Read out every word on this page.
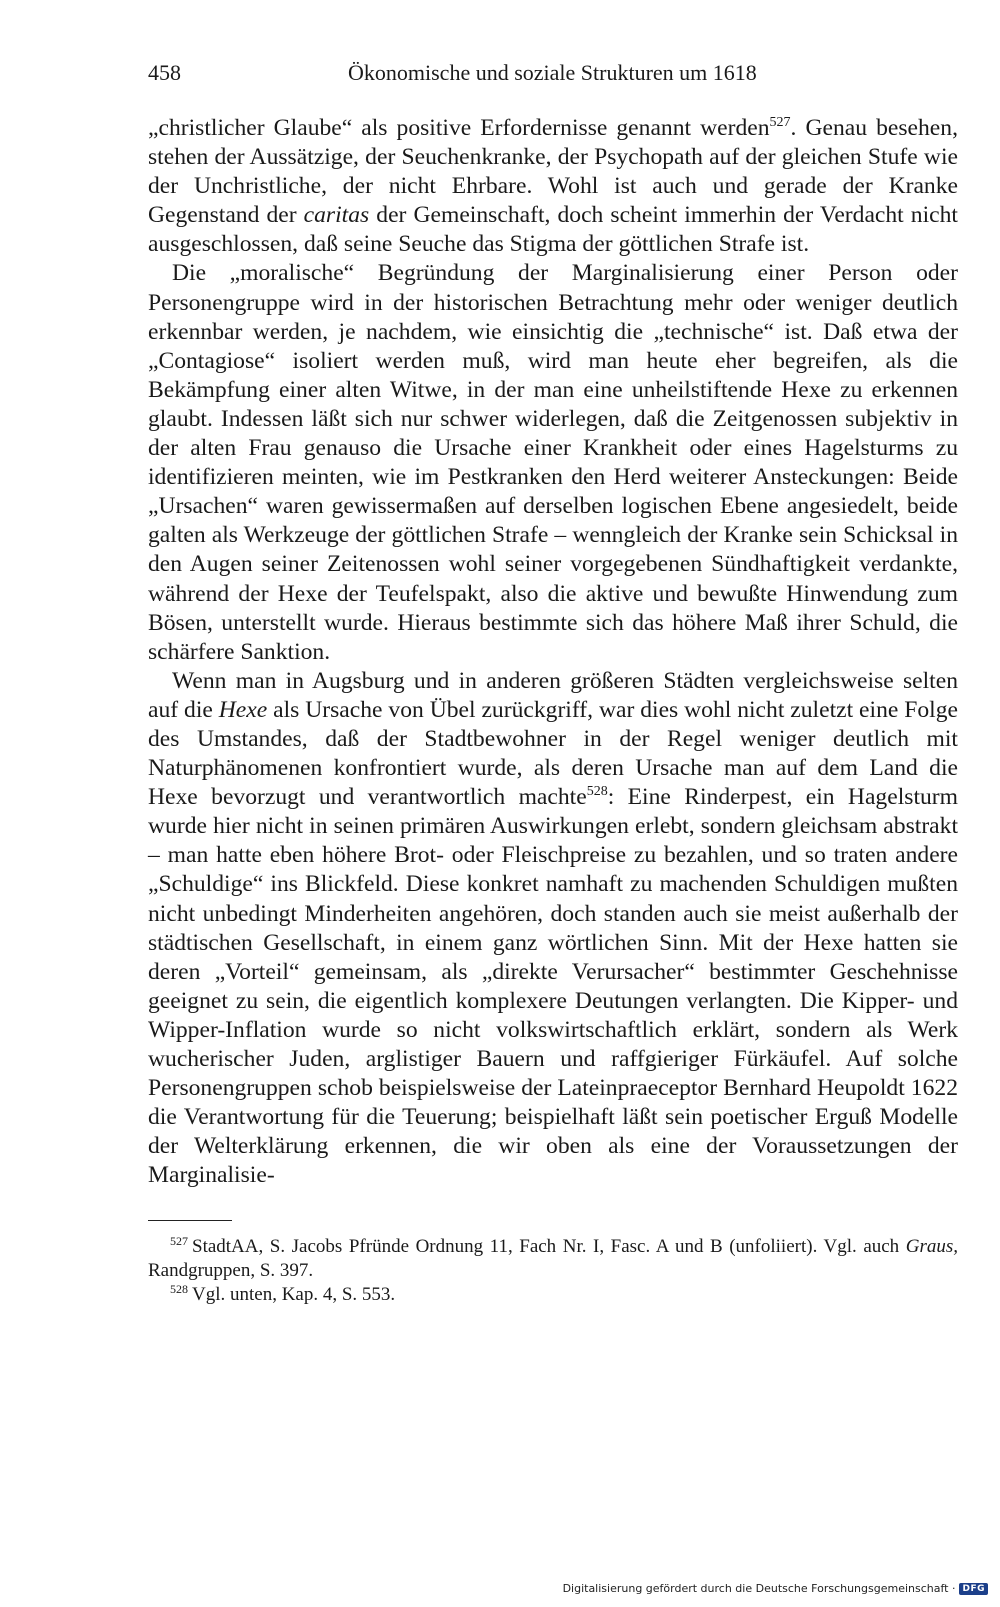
458	Ökonomische und soziale Strukturen um 1618

„christlicher Glaube“ als positive Erfordernisse genannt werden$^{527}$. Genau besehen, stehen der Aussätzige, der Seuchenkranke, der Psychopath auf der gleichen Stufe wie der Unchristliche, der nicht Ehrbare. Wohl ist auch und gerade der Kranke Gegenstand der caritas der Gemeinschaft, doch scheint immerhin der Verdacht nicht ausgeschlossen, daß seine Seuche das Stigma der göttlichen Strafe ist.

Die „moralische“ Begründung der Marginalisierung einer Person oder Personengruppe wird in der historischen Betrachtung mehr oder weniger deutlich erkennbar werden, je nachdem, wie einsichtig die „technische“ ist. Daß etwa der „Contagiose“ isoliert werden muß, wird man heute eher begreifen, als die Bekämpfung einer alten Witwe, in der man eine unheilstiftende Hexe zu erkennen glaubt. Indessen läßt sich nur schwer widerlegen, daß die Zeitgenossen subjektiv in der alten Frau genauso die Ursache einer Krankheit oder eines Hagelsturms zu identifizieren meinten, wie im Pestkranken den Herd weiterer Ansteckungen: Beide „Ursachen“ waren gewissermaßen auf derselben logischen Ebene angesiedelt, beide galten als Werkzeuge der göttlichen Strafe – wenngleich der Kranke sein Schicksal in den Augen seiner Zeitenossen wohl seiner vorgegebenen Sündhaftigkeit verdankte, während der Hexe der Teufelspakt, also die aktive und bewußte Hinwendung zum Bösen, unterstellt wurde. Hieraus bestimmte sich das höhere Maß ihrer Schuld, die schärfere Sanktion.

Wenn man in Augsburg und in anderen größeren Städten vergleichsweise selten auf die Hexe als Ursache von Übel zurückgriff, war dies wohl nicht zuletzt eine Folge des Umstandes, daß der Stadtbewohner in der Regel weniger deutlich mit Naturphänomenen konfrontiert wurde, als deren Ursache man auf dem Land die Hexe bevorzugt und verantwortlich machte$^{528}$: Eine Rinderpest, ein Hagelsturm wurde hier nicht in seinen primären Auswirkungen erlebt, sondern gleichsam abstrakt – man hatte eben höhere Brot- oder Fleischpreise zu bezahlen, und so traten andere „Schuldige“ ins Blickfeld. Diese konkret namhaft zu machenden Schuldigen mußten nicht unbedingt Minderheiten angehören, doch standen auch sie meist außerhalb der städtischen Gesellschaft, in einem ganz wörtlichen Sinn. Mit der Hexe hatten sie deren „Vorteil“ gemeinsam, als „direkte Verursacher“ bestimmter Geschehnisse geeignet zu sein, die eigentlich komplexere Deutungen verlangten. Die Kipper- und Wipper-Inflation wurde so nicht volkswirtschaftlich erklärt, sondern als Werk wucherischer Juden, arglistiger Bauern und raffgieriger Fürkäufel. Auf solche Personengruppen schob beispielsweise der Lateinpraeceptor Bernhard Heupoldt 1622 die Verantwortung für die Teuerung; beispielhaft läßt sein poetischer Erguß Modelle der Welterklärung erkennen, die wir oben als eine der Voraussetzungen der Marginalisie-

$^{527}$ StadtAA, S. Jacobs Pfründe Ordnung 11, Fach Nr. I, Fasc. A und B (unfoliiert). Vgl. auch Graus, Randgruppen, S. 397.

$^{528}$ Vgl. unten, Kap. 4, S. 553.

Digitalisierung gefördert durch die Deutsche Forschungsgemeinschaft · DFG
